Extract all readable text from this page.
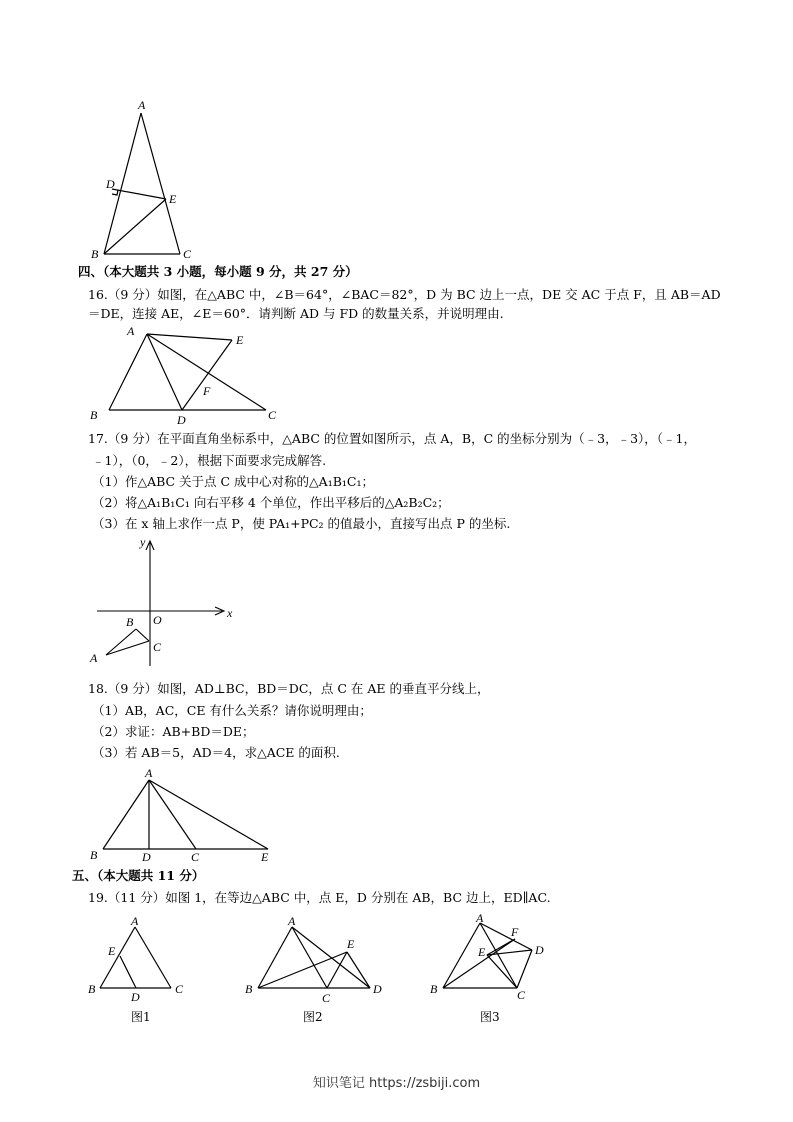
A
D
E
B	C
四、（本大题共 3 小题，每小题 9 分，共 27 分）
16.（9 分）如图，在△ABC 中，∠B＝64°，∠BAC＝82°，D 为 BC 边上一点，DE 交 AC 于点 F，且 AB＝AD
＝DE，连接 AE，∠E＝60°．请判断 AD 与 FD 的数量关系，并说明理由.
A
E
F
B	D	C
17.（9 分）在平面直角坐标系中，△ABC 的位置如图所示，点 A，B，C 的坐标分别为（﹣3，﹣3），（﹣1，
﹣1），（0，﹣2），根据下面要求完成解答.
（1）作△ABC 关于点 C 成中心对称的△A₁B₁C₁；
（2）将△A₁B₁C₁ 向右平移 4 个单位，作出平移后的△A₂B₂C₂；
（3）在 x 轴上求作一点 P，使 PA₁+PC₂ 的值最小，直接写出点 P 的坐标.
y
x
O
B
A
C
18.（9 分）如图，AD⊥BC，BD＝DC，点 C 在 AE 的垂直平分线上，
（1）AB，AC，CE 有什么关系？请你说明理由；
（2）求证：AB+BD＝DE；
（3）若 AB＝5，AD＝4，求△ACE 的面积.
A
B	D	C	E
五、（本大题共 11 分）
19.（11 分）如图 1，在等边△ABC 中，点 E，D 分别在 AB，BC 边上，ED∥AC.
A
E
B
D
C
图1
A
E
B
C
D
图2
A
F
E	D
B	C
图3
知识笔记 https://zsbiji.com
